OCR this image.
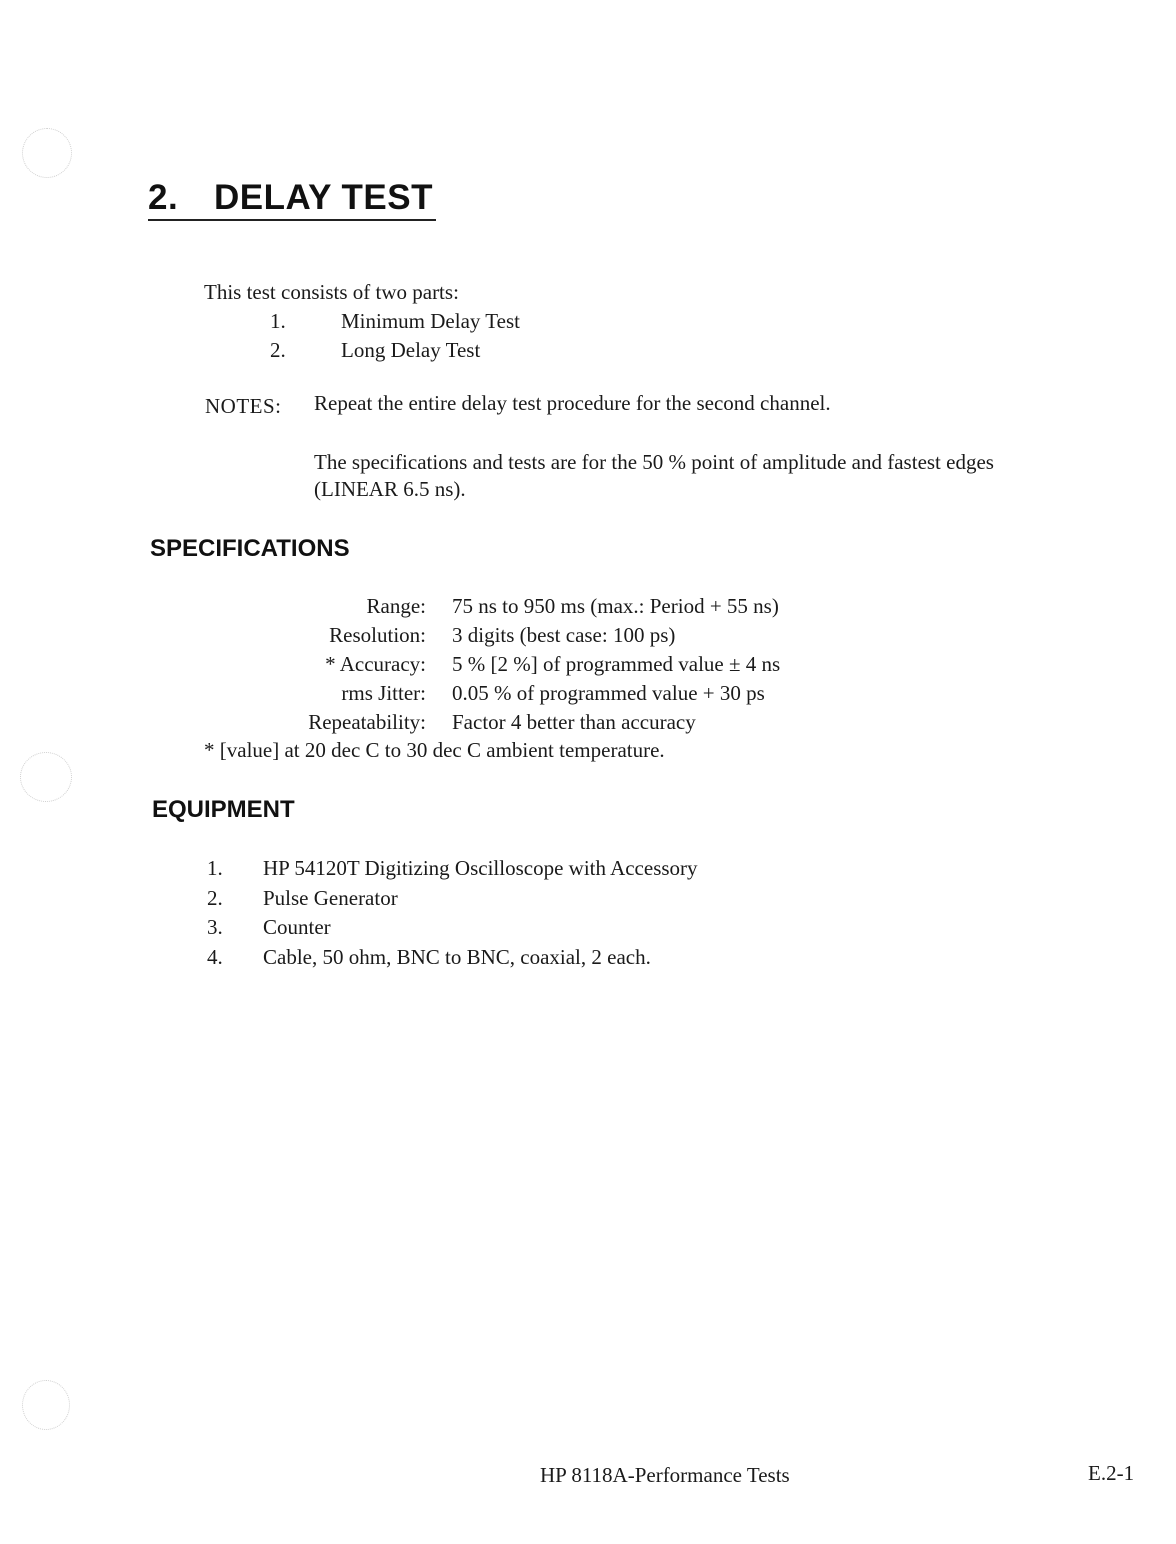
2. DELAY TEST
This test consists of two parts:
1.	Minimum Delay Test
2.	Long Delay Test
NOTES: Repeat the entire delay test procedure for the second channel.
The specifications and tests are for the 50 % point of amplitude and fastest edges
(LINEAR 6.5 ns).
SPECIFICATIONS
Range:	75 ns to 950 ms (max.: Period + 55 ns)
Resolution:	3 digits (best case: 100 ps)
* Accuracy:	5 % [2 %] of programmed value ± 4 ns
rms Jitter:	0.05 % of programmed value + 30 ps
Repeatability:	Factor 4 better than accuracy
* [value] at 20 dec C to 30 dec C ambient temperature.
EQUIPMENT
1.	HP 54120T Digitizing Oscilloscope with Accessory
2.	Pulse Generator
3.	Counter
4.	Cable, 50 ohm, BNC to BNC, coaxial, 2 each.
HP 8118A-Performance Tests	E.2-1
